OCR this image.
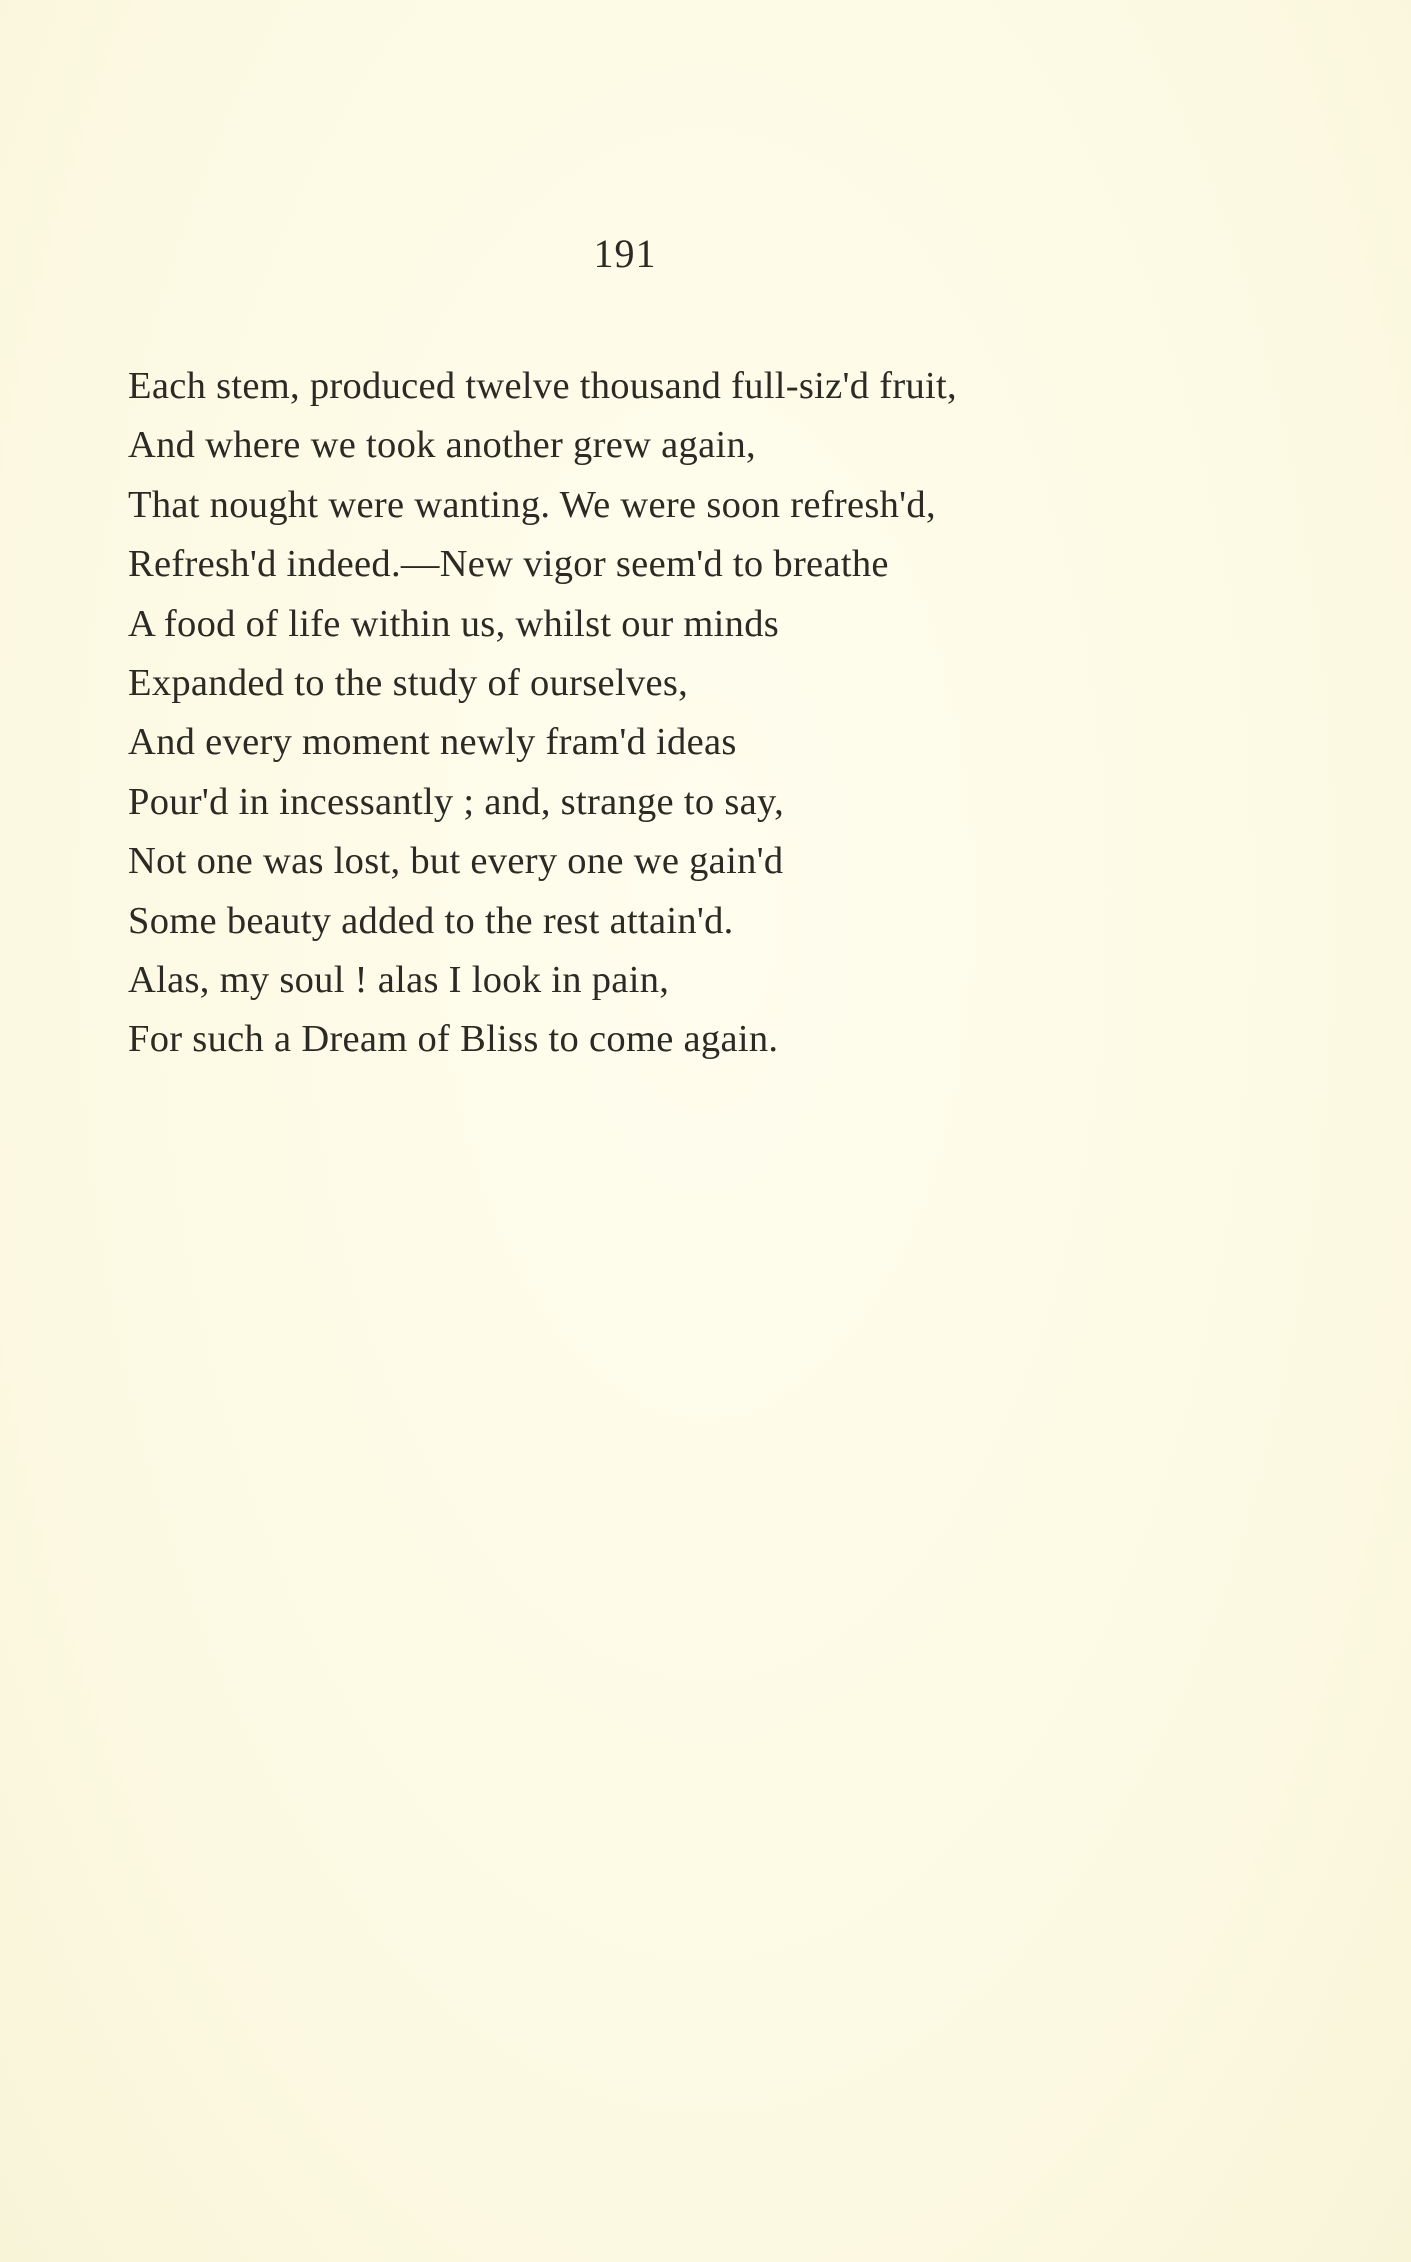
191
Each stem, produced twelve thousand full-siz'd fruit,
And where we took another grew again,
That nought were wanting. We were soon refresh'd,
Refresh'd indeed.—New vigor seem'd to breathe
A food of life within us, whilst our minds
Expanded to the study of ourselves,
And every moment newly fram'd ideas
Pour'd in incessantly ; and, strange to say,
Not one was lost, but every one we gain'd
Some beauty added to the rest attain'd.
Alas, my soul ! alas I look in pain,
For such a Dream of Bliss to come again.
